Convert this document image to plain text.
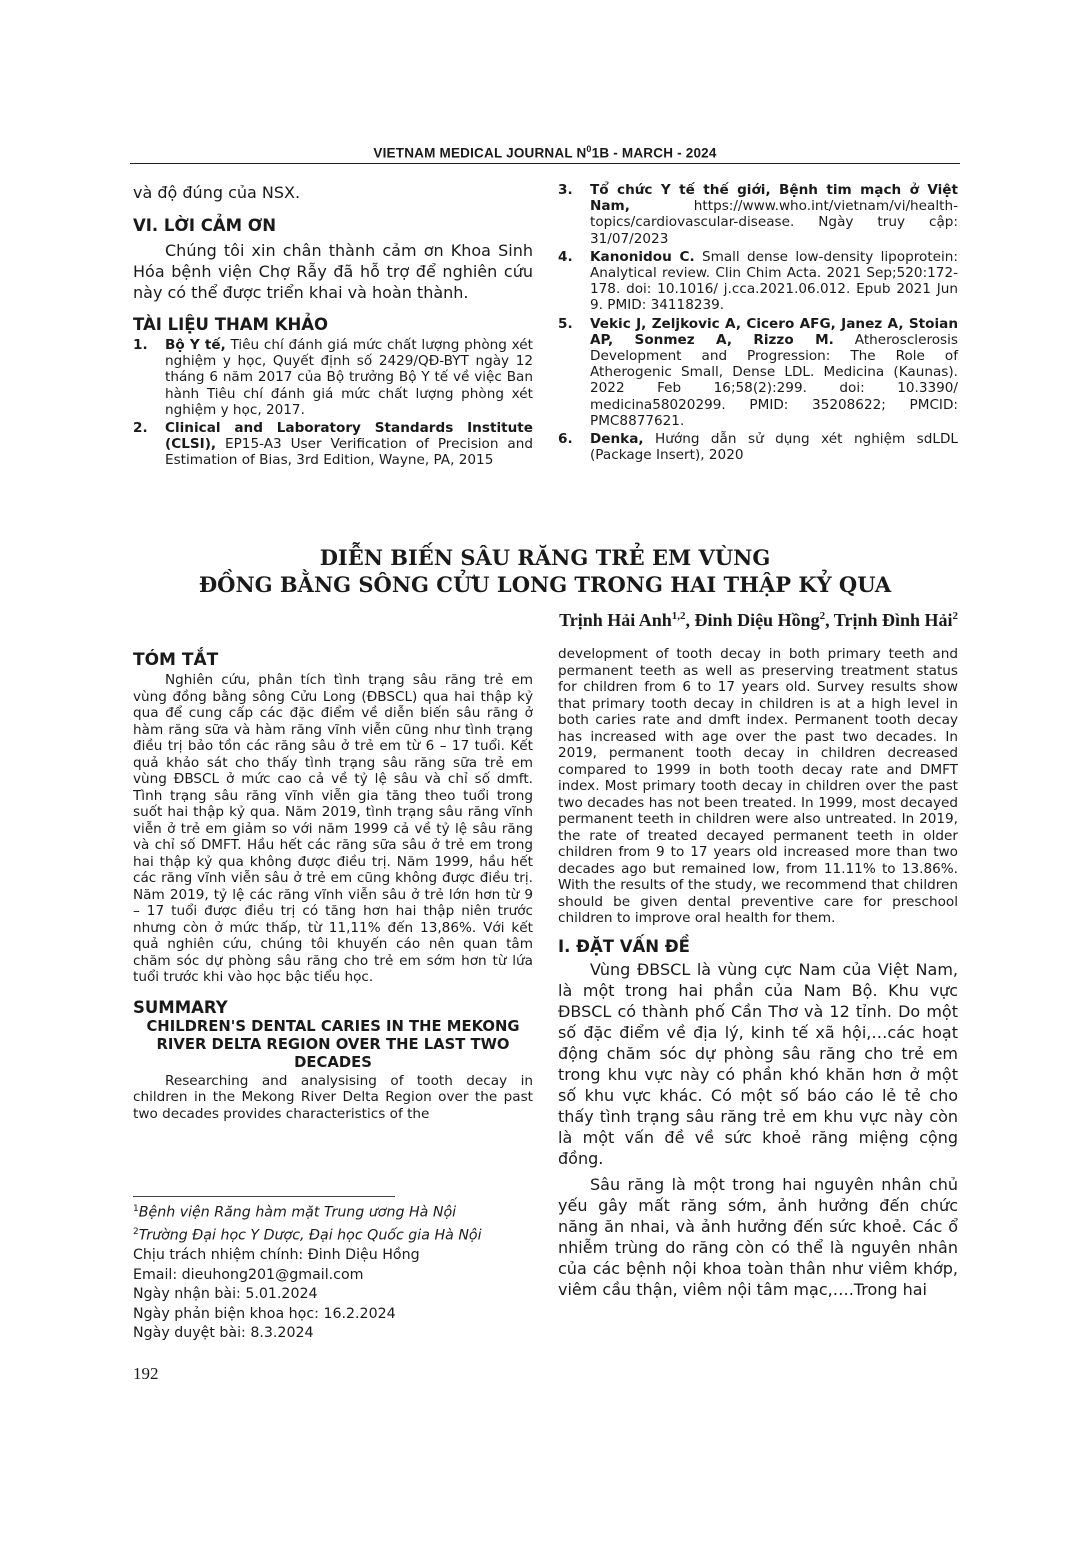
VIETNAM MEDICAL JOURNAL $N^01B$ - MARCH - 2024
và độ đúng của NSX.
VI. LỜI CẢM ƠN
Chúng tôi xin chân thành cảm ơn Khoa Sinh Hóa bệnh viện Chợ Rẫy đã hỗ trợ để nghiên cứu này có thể được triển khai và hoàn thành.
TÀI LIỆU THAM KHẢO
1. Bộ Y tế, Tiêu chí đánh giá mức chất lượng phòng xét nghiệm y học, Quyết định số 2429/QĐ-BYT ngày 12 tháng 6 năm 2017 của Bộ trưởng Bộ Y tế về việc Ban hành Tiêu chí đánh giá mức chất lượng phòng xét nghiệm y học, 2017.
2. Clinical and Laboratory Standards Institute (CLSI), EP15-A3 User Verification of Precision and Estimation of Bias, 3rd Edition, Wayne, PA, 2015
3. Tổ chức Y tế thế giới, Bệnh tim mạch ở Việt Nam, https://www.who.int/vietnam/vi/health-topics/cardiovascular-disease. Ngày truy cập: 31/07/2023
4. Kanonidou C. Small dense low-density lipoprotein: Analytical review. Clin Chim Acta. 2021 Sep;520:172-178. doi: 10.1016/ j.cca.2021.06.012. Epub 2021 Jun 9. PMID: 34118239.
5. Vekic J, Zeljkovic A, Cicero AFG, Janez A, Stoian AP, Sonmez A, Rizzo M. Atherosclerosis Development and Progression: The Role of Atherogenic Small, Dense LDL. Medicina (Kaunas). 2022 Feb 16;58(2):299. doi: 10.3390/ medicina58020299. PMID: 35208622; PMCID: PMC8877621.
6. Denka, Hướng dẫn sử dụng xét nghiệm sdLDL (Package Insert), 2020
DIỄN BIẾN SÂU RĂNG TRẺ EM VÙNG
ĐỒNG BẰNG SÔNG CỬU LONG TRONG HAI THẬP KỶ QUA
Trịnh Hải Anh$^{1,2}$, Đinh Diệu Hồng$^2$, Trịnh Đình Hải$^2$
TÓM TẮT
Nghiên cứu, phân tích tình trạng sâu răng trẻ em vùng đồng bằng sông Cửu Long (ĐBSCL) qua hai thập kỷ qua để cung cấp các đặc điểm về diễn biến sâu răng ở hàm răng sữa và hàm răng vĩnh viễn cũng như tình trạng điều trị bảo tồn các răng sâu ở trẻ em từ 6 – 17 tuổi. Kết quả khảo sát cho thấy tình trạng sâu răng sữa trẻ em vùng ĐBSCL ở mức cao cả về tỷ lệ sâu và chỉ số dmft. Tình trạng sâu răng vĩnh viễn gia tăng theo tuổi trong suốt hai thập kỷ qua. Năm 2019, tình trạng sâu răng vĩnh viễn ở trẻ em giảm so với năm 1999 cả về tỷ lệ sâu răng và chỉ số DMFT. Hầu hết các răng sữa sâu ở trẻ em trong hai thập kỷ qua không được điều trị. Năm 1999, hầu hết các răng vĩnh viễn sâu ở trẻ em cũng không được điều trị. Năm 2019, tỷ lệ các răng vĩnh viễn sâu ở trẻ lớn hơn từ 9 – 17 tuổi được điều trị có tăng hơn hai thập niên trước nhưng còn ở mức thấp, từ 11,11% đến 13,86%. Với kết quả nghiên cứu, chúng tôi khuyến cáo nên quan tâm chăm sóc dự phòng sâu răng cho trẻ em sớm hơn từ lứa tuổi trước khi vào học bậc tiểu học.
SUMMARY
CHILDREN'S DENTAL CARIES IN THE MEKONG RIVER DELTA REGION OVER THE LAST TWO DECADES
Researching and analysising of tooth decay in children in the Mekong River Delta Region over the past two decades provides characteristics of the
development of tooth decay in both primary teeth and permanent teeth as well as preserving treatment status for children from 6 to 17 years old. Survey results show that primary tooth decay in children is at a high level in both caries rate and dmft index. Permanent tooth decay has increased with age over the past two decades. In 2019, permanent tooth decay in children decreased compared to 1999 in both tooth decay rate and DMFT index. Most primary tooth decay in children over the past two decades has not been treated. In 1999, most decayed permanent teeth in children were also untreated. In 2019, the rate of treated decayed permanent teeth in older children from 9 to 17 years old increased more than two decades ago but remained low, from 11.11% to 13.86%. With the results of the study, we recommend that children should be given dental preventive care for preschool children to improve oral health for them.
I. ĐẶT VẤN ĐỀ
Vùng ĐBSCL là vùng cực Nam của Việt Nam, là một trong hai phần của Nam Bộ. Khu vực ĐBSCL có thành phố Cần Thơ và 12 tỉnh. Do một số đặc điểm về địa lý, kinh tế xã hội,…các hoạt động chăm sóc dự phòng sâu răng cho trẻ em trong khu vực này có phần khó khăn hơn ở một số khu vực khác. Có một số báo cáo lẻ tẻ cho thấy tình trạng sâu răng trẻ em khu vực này còn là một vấn đề về sức khoẻ răng miệng cộng đồng.
Sâu răng là một trong hai nguyên nhân chủ yếu gây mất răng sớm, ảnh hưởng đến chức năng ăn nhai, và ảnh hưởng đến sức khoẻ. Các ổ nhiễm trùng do răng còn có thể là nguyên nhân của các bệnh nội khoa toàn thân như viêm khớp, viêm cầu thận, viêm nội tâm mạc,….Trong hai
$^1$Bệnh viện Răng hàm mặt Trung ương Hà Nội
$^2$Trường Đại học Y Dược, Đại học Quốc gia Hà Nội
Chịu trách nhiệm chính: Đinh Diệu Hồng
Email: dieuhong201@gmail.com
Ngày nhận bài: 5.01.2024
Ngày phản biện khoa học: 16.2.2024
Ngày duyệt bài: 8.3.2024
192
